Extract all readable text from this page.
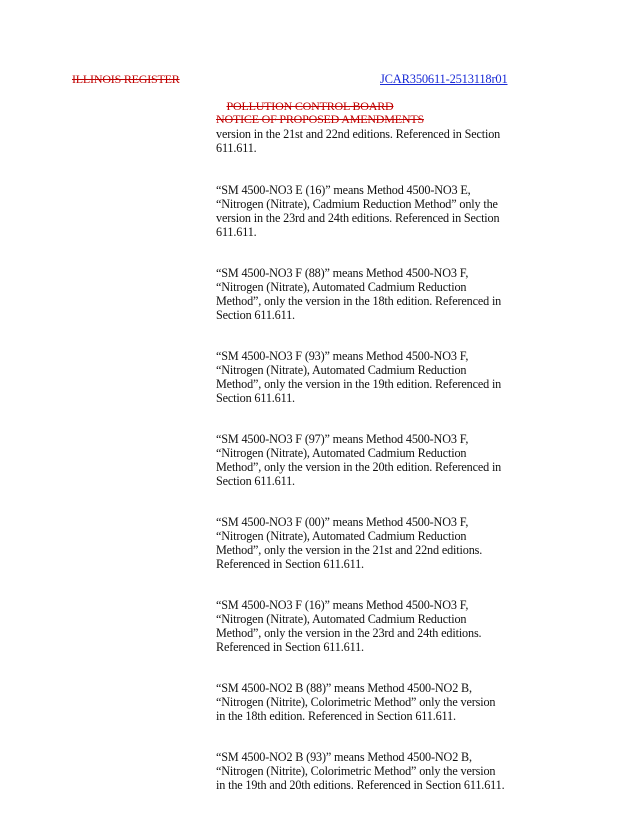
ILLINOIS REGISTER	JCAR350611-2513118r01
POLLUTION CONTROL BOARD
NOTICE OF PROPOSED AMENDMENTS
version in the 21st and 22nd editions. Referenced in Section
611.611.
“SM 4500-NO3 E (16)” means Method 4500-NO3 E,
“Nitrogen (Nitrate), Cadmium Reduction Method” only the
version in the 23rd and 24th editions. Referenced in Section
611.611.
“SM 4500-NO3 F (88)” means Method 4500-NO3 F,
“Nitrogen (Nitrate), Automated Cadmium Reduction
Method”, only the version in the 18th edition. Referenced in
Section 611.611.
“SM 4500-NO3 F (93)” means Method 4500-NO3 F,
“Nitrogen (Nitrate), Automated Cadmium Reduction
Method”, only the version in the 19th edition. Referenced in
Section 611.611.
“SM 4500-NO3 F (97)” means Method 4500-NO3 F,
“Nitrogen (Nitrate), Automated Cadmium Reduction
Method”, only the version in the 20th edition. Referenced in
Section 611.611.
“SM 4500-NO3 F (00)” means Method 4500-NO3 F,
“Nitrogen (Nitrate), Automated Cadmium Reduction
Method”, only the version in the 21st and 22nd editions.
Referenced in Section 611.611.
“SM 4500-NO3 F (16)” means Method 4500-NO3 F,
“Nitrogen (Nitrate), Automated Cadmium Reduction
Method”, only the version in the 23rd and 24th editions.
Referenced in Section 611.611.
“SM 4500-NO2 B (88)” means Method 4500-NO2 B,
“Nitrogen (Nitrite), Colorimetric Method” only the version
in the 18th edition. Referenced in Section 611.611.
“SM 4500-NO2 B (93)” means Method 4500-NO2 B,
“Nitrogen (Nitrite), Colorimetric Method” only the version
in the 19th and 20th editions. Referenced in Section 611.611.
